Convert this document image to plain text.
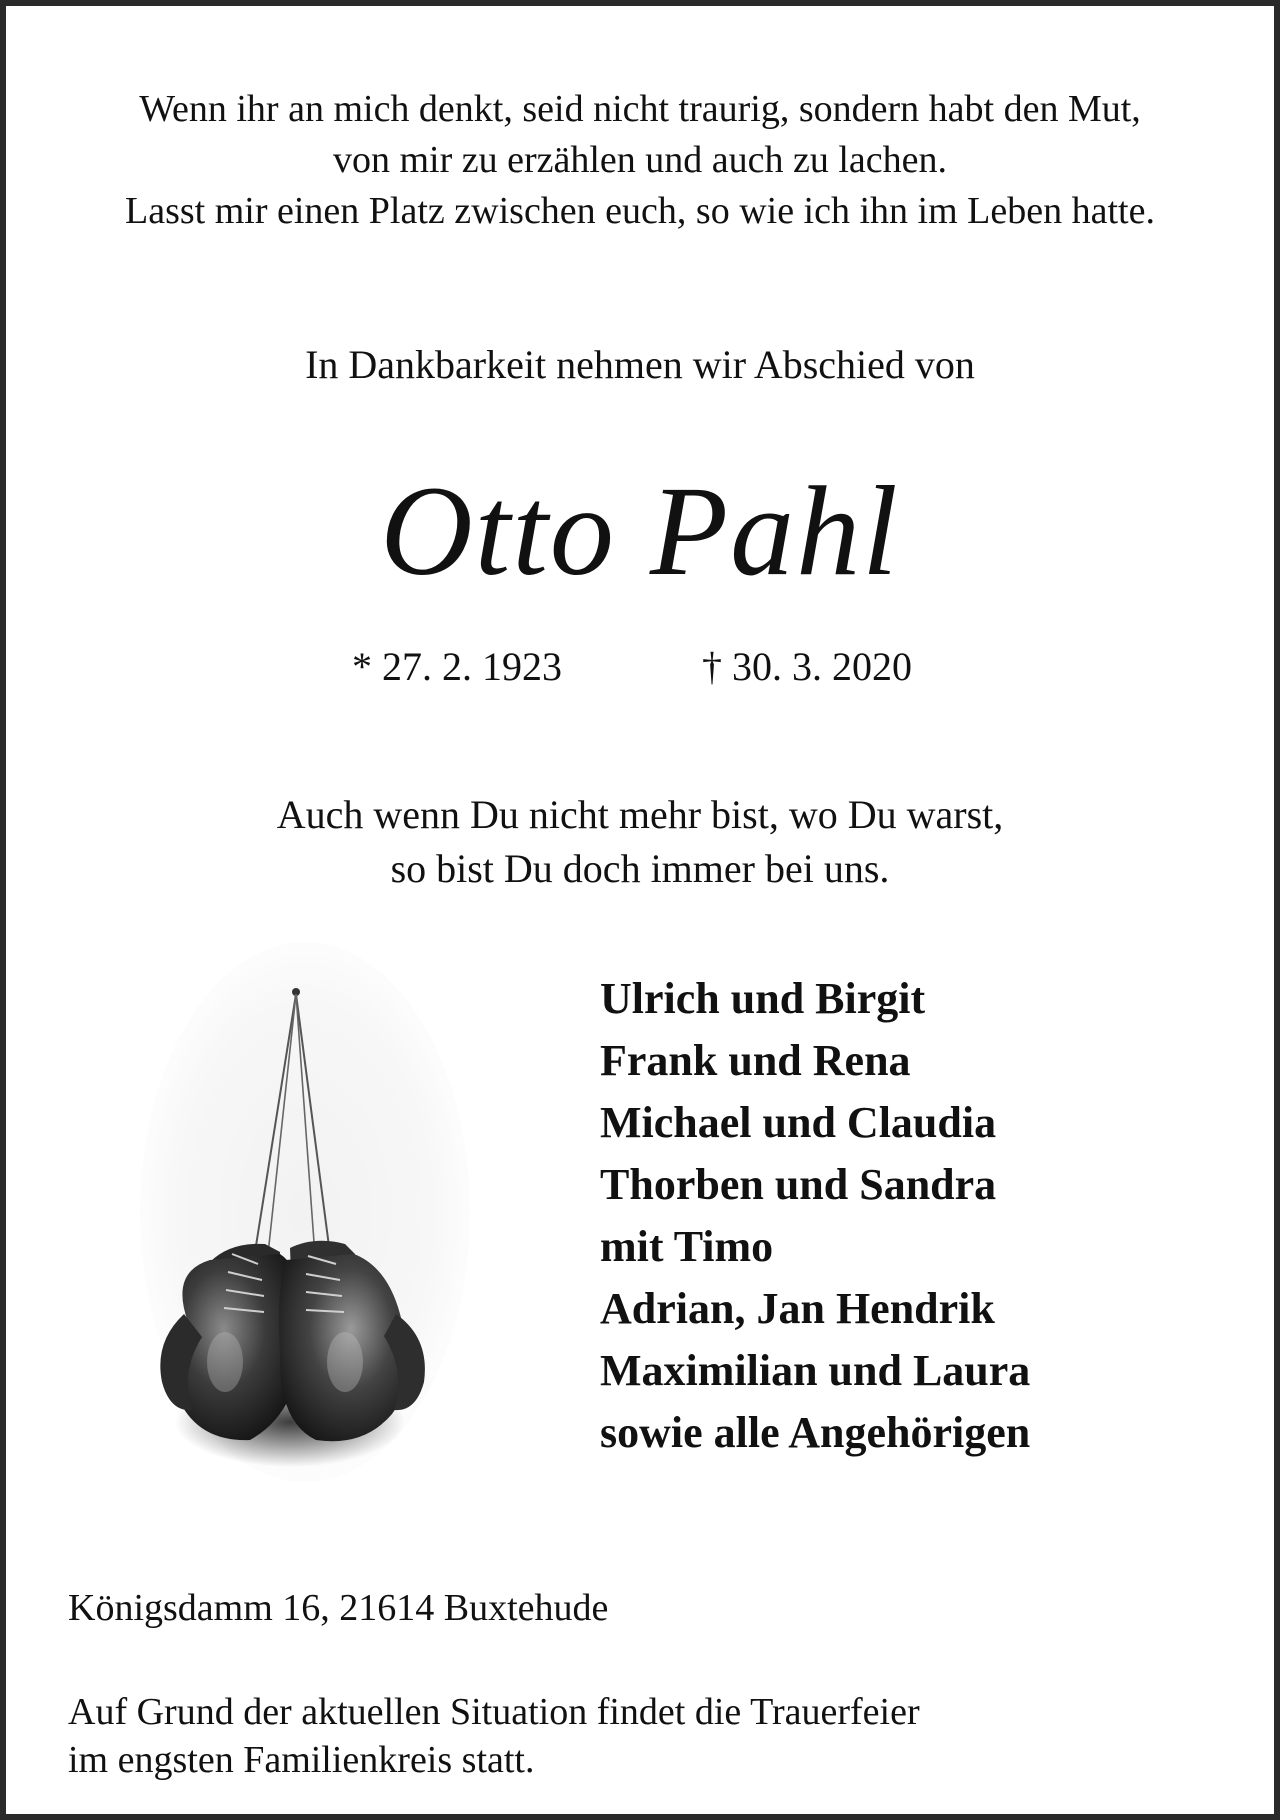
Wenn ihr an mich denkt, seid nicht traurig, sondern habt den Mut,
von mir zu erzählen und auch zu lachen.
Lasst mir einen Platz zwischen euch, so wie ich ihn im Leben hatte.
In Dankbarkeit nehmen wir Abschied von
Otto Pahl
* 27. 2. 1923	† 30. 3. 2020
Auch wenn Du nicht mehr bist, wo Du warst,
so bist Du doch immer bei uns.
Ulrich und Birgit
Frank und Rena
Michael und Claudia
Thorben und Sandra
mit Timo
Adrian, Jan Hendrik
Maximilian und Laura
sowie alle Angehörigen
Königsdamm 16, 21614 Buxtehude
Auf Grund der aktuellen Situation findet die Trauerfeier
im engsten Familienkreis statt.
